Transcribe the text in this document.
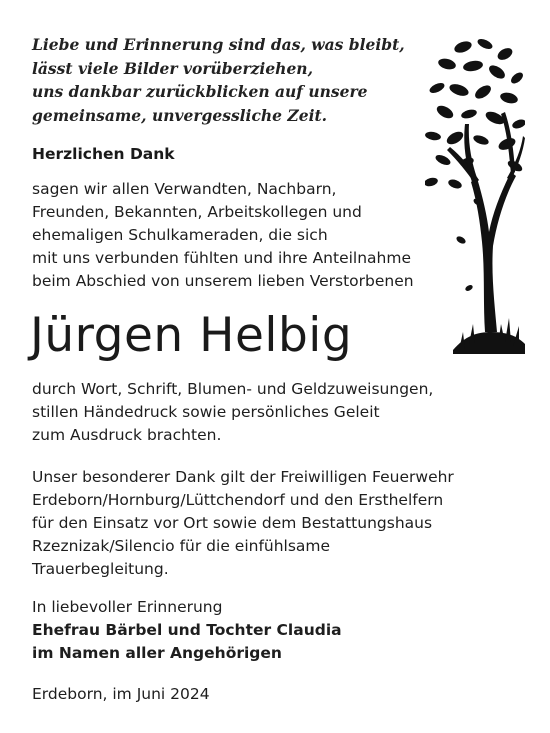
Liebe und Erinnerung sind das, was bleibt,
lässt viele Bilder vorüberziehen,
uns dankbar zurückblicken auf unsere
gemeinsame, unvergessliche Zeit.
Herzlichen Dank
sagen wir allen Verwandten, Nachbarn,
Freunden, Bekannten, Arbeitskollegen und
ehemaligen Schulkameraden, die sich
mit uns verbunden fühlten und ihre Anteilnahme
beim Abschied von unserem lieben Verstorbenen
Jürgen Helbig
durch Wort, Schrift, Blumen- und Geldzuweisungen,
stillen Händedruck sowie persönliches Geleit
zum Ausdruck brachten.
Unser besonderer Dank gilt der Freiwilligen Feuerwehr
Erdeborn/Hornburg/Lüttchendorf und den Ersthelfern
für den Einsatz vor Ort sowie dem Bestattungshaus
Rzeznizak/Silencio für die einfühlsame
Trauerbegleitung.
In liebevoller Erinnerung
Ehefrau Bärbel und Tochter Claudia
im Namen aller Angehörigen
Erdeborn, im Juni 2024
